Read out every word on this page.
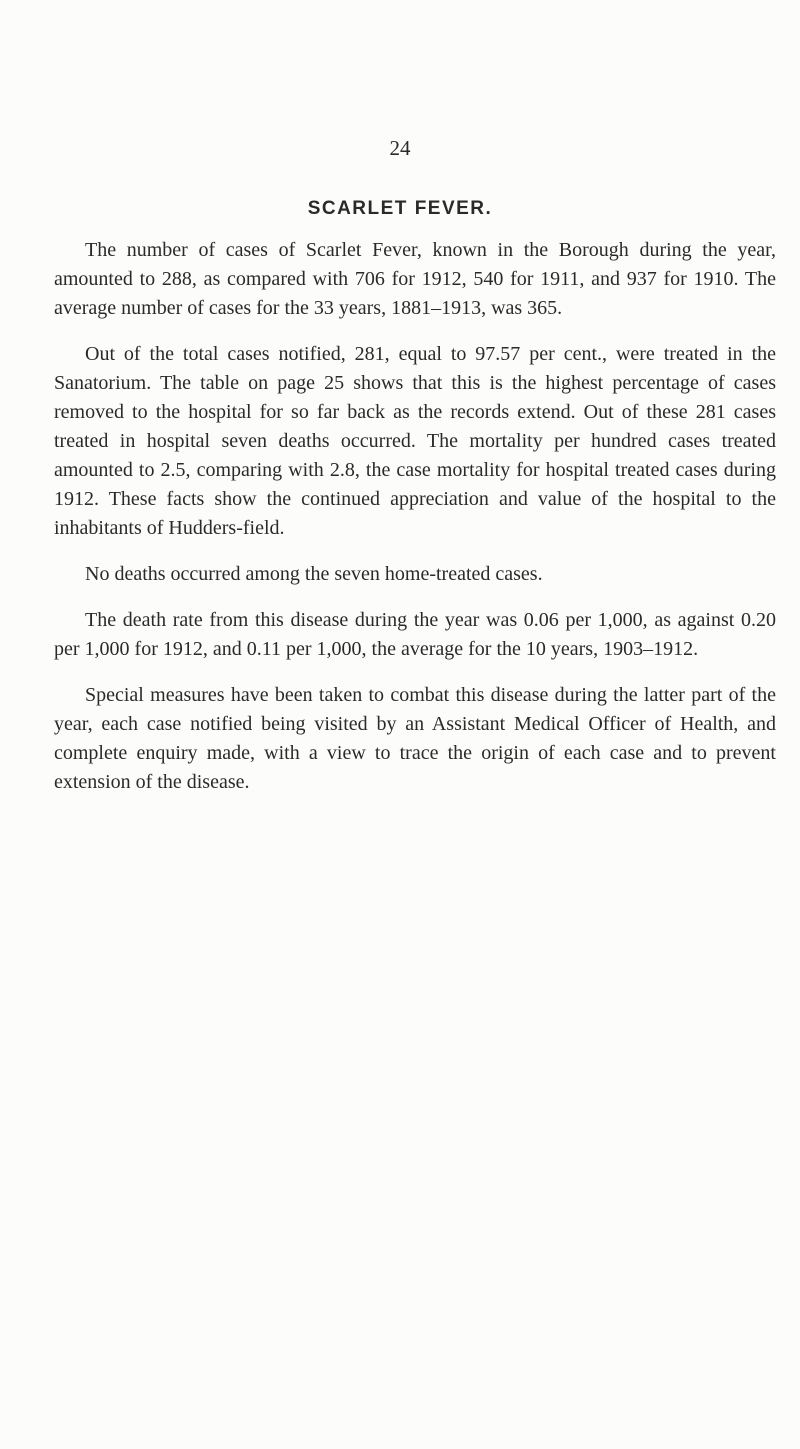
24
SCARLET FEVER.

The number of cases of Scarlet Fever, known in the Borough during the year, amounted to 288, as compared with 706 for 1912, 540 for 1911, and 937 for 1910. The average number of cases for the 33 years, 1881–1913, was 365.

Out of the total cases notified, 281, equal to 97.57 per cent., were treated in the Sanatorium. The table on page 25 shows that this is the highest percentage of cases removed to the hospital for so far back as the records extend. Out of these 281 cases treated in hospital seven deaths occurred. The mortality per hundred cases treated amounted to 2.5, comparing with 2.8, the case mortality for hospital treated cases during 1912. These facts show the continued appreciation and value of the hospital to the inhabitants of Hudders-field.

No deaths occurred among the seven home-treated cases.

The death rate from this disease during the year was 0.06 per 1,000, as against 0.20 per 1,000 for 1912, and 0.11 per 1,000, the average for the 10 years, 1903–1912.

Special measures have been taken to combat this disease during the latter part of the year, each case notified being visited by an Assistant Medical Officer of Health, and complete enquiry made, with a view to trace the origin of each case and to prevent extension of the disease.
